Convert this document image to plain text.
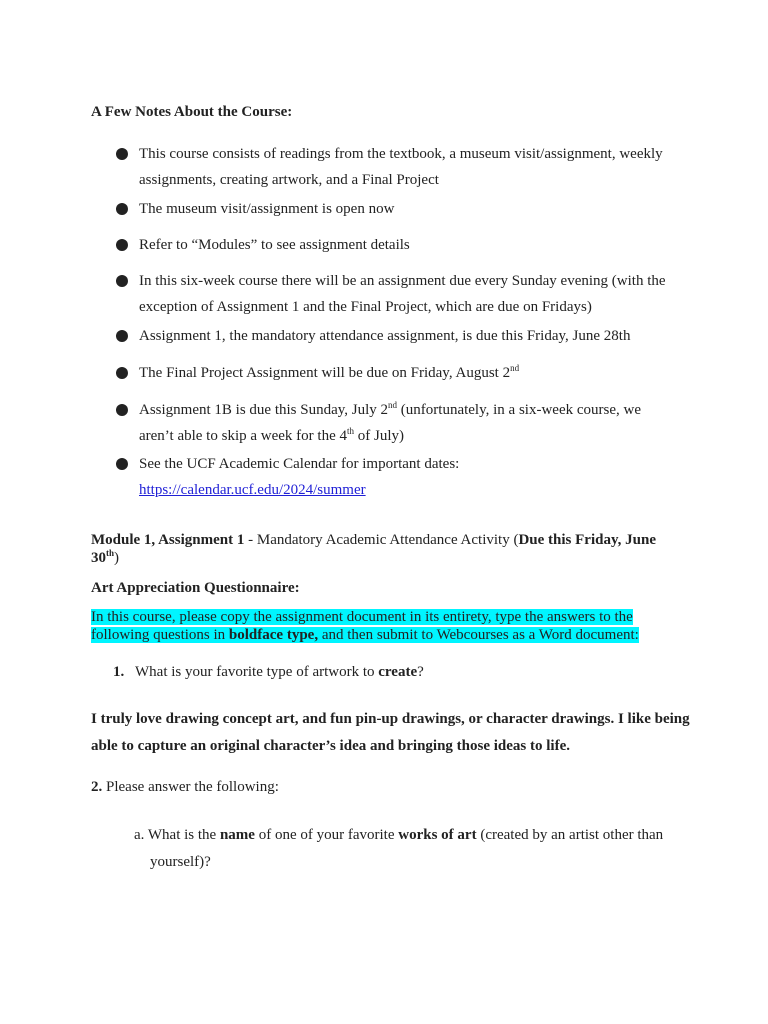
A Few Notes About the Course:
This course consists of readings from the textbook, a museum visit/assignment, weekly assignments, creating artwork, and a Final Project
The museum visit/assignment is open now
Refer to “Modules” to see assignment details
In this six-week course there will be an assignment due every Sunday evening (with the exception of Assignment 1 and the Final Project, which are due on Fridays)
Assignment 1, the mandatory attendance assignment, is due this Friday, June 28th
The Final Project Assignment will be due on Friday, August 2nd
Assignment 1B is due this Sunday, July 2nd (unfortunately, in a six-week course, we aren’t able to skip a week for the 4th of July)
See the UCF Academic Calendar for important dates:
https://calendar.ucf.edu/2024/summer
Module 1, Assignment 1 - Mandatory Academic Attendance Activity (Due this Friday, June 30th)
Art Appreciation Questionnaire:
In this course, please copy the assignment document in its entirety, type the answers to the following questions in boldface type, and then submit to Webcourses as a Word document:
1. What is your favorite type of artwork to create?
I truly love drawing concept art, and fun pin-up drawings, or character drawings. I like being able to capture an original character’s idea and bringing those ideas to life.
2. Please answer the following:
a. What is the name of one of your favorite works of art (created by an artist other than
yourself)?
